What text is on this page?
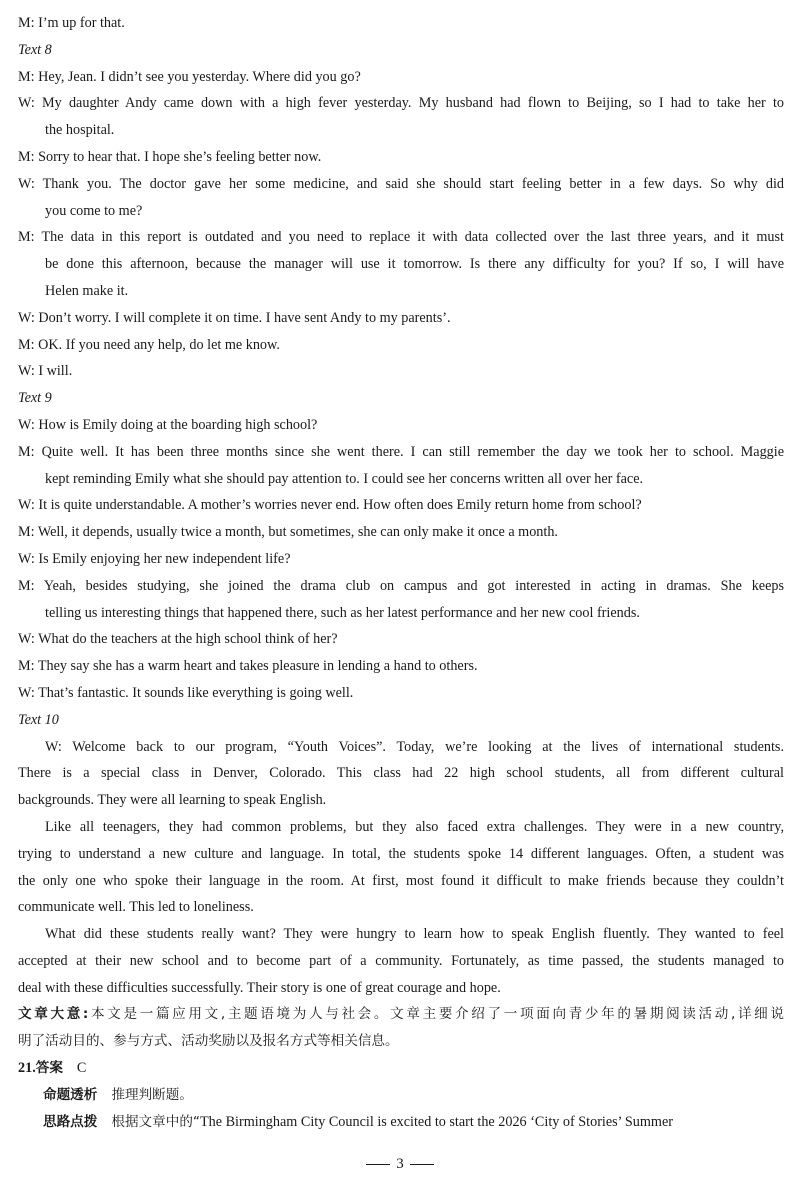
M: I’m up for that.
Text 8
M: Hey, Jean. I didn’t see you yesterday. Where did you go?
W: My daughter Andy came down with a high fever yesterday. My husband had flown to Beijing, so I had to take her to
the hospital.
M: Sorry to hear that. I hope she’s feeling better now.
W: Thank you. The doctor gave her some medicine, and said she should start feeling better in a few days. So why did
you come to me?
M: The data in this report is outdated and you need to replace it with data collected over the last three years, and it must
be done this afternoon, because the manager will use it tomorrow. Is there any difficulty for you? If so, I will have
Helen make it.
W: Don’t worry. I will complete it on time. I have sent Andy to my parents’.
M: OK. If you need any help, do let me know.
W: I will.
Text 9
W: How is Emily doing at the boarding high school?
M: Quite well. It has been three months since she went there. I can still remember the day we took her to school. Maggie
kept reminding Emily what she should pay attention to. I could see her concerns written all over her face.
W: It is quite understandable. A mother’s worries never end. How often does Emily return home from school?
M: Well, it depends, usually twice a month, but sometimes, she can only make it once a month.
W: Is Emily enjoying her new independent life?
M: Yeah, besides studying, she joined the drama club on campus and got interested in acting in dramas. She keeps
telling us interesting things that happened there, such as her latest performance and her new cool friends.
W: What do the teachers at the high school think of her?
M: They say she has a warm heart and takes pleasure in lending a hand to others.
W: That’s fantastic. It sounds like everything is going well.
Text 10
W: Welcome back to our program, “Youth Voices”. Today, we’re looking at the lives of international students.
There is a special class in Denver, Colorado. This class had 22 high school students, all from different cultural
backgrounds. They were all learning to speak English.
Like all teenagers, they had common problems, but they also faced extra challenges. They were in a new country,
trying to understand a new culture and language. In total, the students spoke 14 different languages. Often, a student was
the only one who spoke their language in the room. At first, most found it difficult to make friends because they couldn’t
communicate well. This led to loneliness.
What did these students really want? They were hungry to learn how to speak English fluently. They wanted to feel
accepted at their new school and to become part of a community. Fortunately, as time passed, the students managed to
deal with these difficulties successfully. Their story is one of great courage and hope.
文章大意:本文是一篇应用文,主题语境为人与社会。文章主要介绍了一项面向青少年的暑期阅读活动,详细说
明了活动目的、参与方式、活动奖励以及报名方式等相关信息。
21.答案 C
命题透析 推理判断题。
思路点拨 根据文章中的“The Birmingham City Council is excited to start the 2026 ‘City of Stories’ Summer
3
